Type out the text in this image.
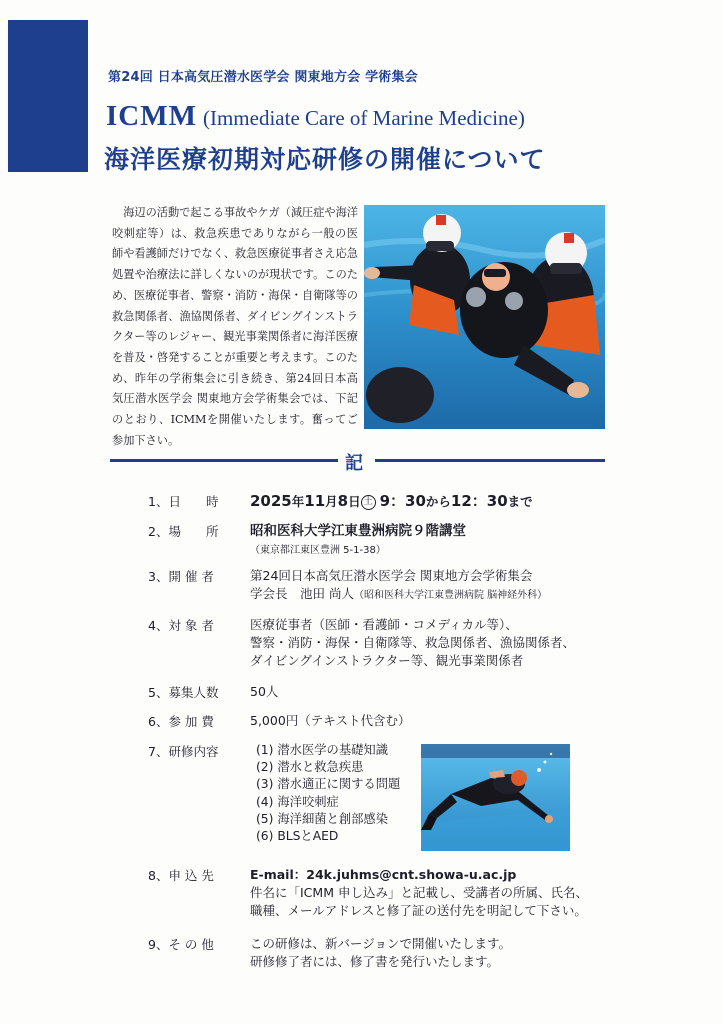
第24回 日本高気圧潜水医学会 関東地方会 学術集会
ICMM (Immediate Care of Marine Medicine)
海洋医療初期対応研修の開催について

海辺の活動で起こる事故やケガ（減圧症や海洋咬刺症等）は、救急疾患でありながら一般の医師や看護師だけでなく、救急医療従事者さえ応急処置や治療法に詳しくないのが現状です。このため、医療従事者、警察・消防・海保・自衛隊等の救急関係者、漁協関係者、ダイビングインストラクター等のレジャー、観光事業関係者に海洋医療を普及・啓発することが重要と考えます。このため、昨年の学術集会に引き続き、第24回日本高気圧潜水医学会 関東地方会学術集会では、下記のとおり、ICMMを開催いたします。奮ってご参加下さい。

記
1、日　　時 2025年11月8日 土 9：30から12：30まで
2、場　　所 昭和医科大学江東豊洲病院９階講堂
（東京都江東区豊洲 5-1-38）
3、開 催 者	第24回日本高気圧潜水医学会 関東地方会学術集会
学会長　池田 尚人（昭和医科大学江東豊洲病院 脳神経外科）
4、対 象 者	医療従事者（医師・看護師・コメディカル等）、
警察・消防・海保・自衛隊等、救急関係者、漁協関係者、
ダイビングインストラクター等、観光事業関係者
5、募集人数	50人
6、参 加 費	5,000円（テキスト代含む）
7、研修内容	(1) 潜水医学の基礎知識
(2) 潜水と救急疾患
(3) 潜水適正に関する問題
(4) 海洋咬刺症
(5) 海洋細菌と創部感染
(6) BLSとAED
8、申 込 先	E-mail：24k.juhms@cnt.showa-u.ac.jp
件名に「ICMM 申し込み」と記載し、受講者の所属、氏名、
職種、メールアドレスと修了証の送付先を明記して下さい。
9、そ の 他	この研修は、新バージョンで開催いたします。
研修修了者には、修了書を発行いたします。
